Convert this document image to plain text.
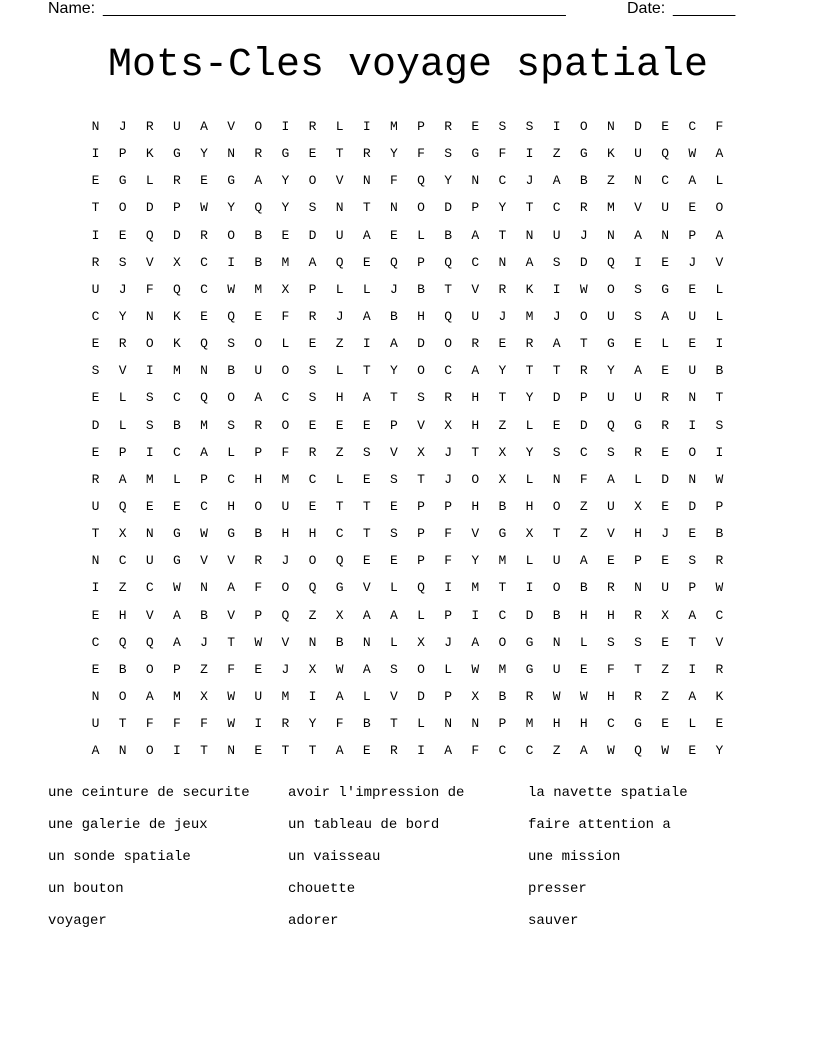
Name: ____________________________________________________	Date: _______
Mots-Cles voyage spatiale
N	J	R	U	A	V	O	I	R	L	I	M	P	R	E	S	S	I	O	N	D	E	C	F
I	P	K	G	Y	N	R	G	E	T	R	Y	F	S	G	F	I	Z	G	K	U	Q	W	A
E	G	L	R	E	G	A	Y	O	V	N	F	Q	Y	N	C	J	A	B	Z	N	C	A	L
T	O	D	P	W	Y	Q	Y	S	N	T	N	O	D	P	Y	T	C	R	M	V	U	E	O
I	E	Q	D	R	O	B	E	D	U	A	E	L	B	A	T	N	U	J	N	A	N	P	A
R	S	V	X	C	I	B	M	A	Q	E	Q	P	Q	C	N	A	S	D	Q	I	E	J	V
U	J	F	Q	C	W	M	X	P	L	L	J	B	T	V	R	K	I	W	O	S	G	E	L
C	Y	N	K	E	Q	E	F	R	J	A	B	H	Q	U	J	M	J	O	U	S	A	U	L
E	R	O	K	Q	S	O	L	E	Z	I	A	D	O	R	E	R	A	T	G	E	L	E	I
S	V	I	M	N	B	U	O	S	L	T	Y	O	C	A	Y	T	T	R	Y	A	E	U	B
E	L	S	C	Q	O	A	C	S	H	A	T	S	R	H	T	Y	D	P	U	U	R	N	T
D	L	S	B	M	S	R	O	E	E	E	P	V	X	H	Z	L	E	D	Q	G	R	I	S
E	P	I	C	A	L	P	F	R	Z	S	V	X	J	T	X	Y	S	C	S	R	E	O	I
R	A	M	L	P	C	H	M	C	L	E	S	T	J	O	X	L	N	F	A	L	D	N	W
U	Q	E	E	C	H	O	U	E	T	T	E	P	P	H	B	H	O	Z	U	X	E	D	P
T	X	N	G	W	G	B	H	H	C	T	S	P	F	V	G	X	T	Z	V	H	J	E	B
N	C	U	G	V	V	R	J	O	Q	E	E	P	F	Y	M	L	U	A	E	P	E	S	R
I	Z	C	W	N	A	F	O	Q	G	V	L	Q	I	M	T	I	O	B	R	N	U	P	W
E	H	V	A	B	V	P	Q	Z	X	A	A	L	P	I	C	D	B	H	H	R	X	A	C
C	Q	Q	A	J	T	W	V	N	B	N	L	X	J	A	O	G	N	L	S	S	E	T	V
E	B	O	P	Z	F	E	J	X	W	A	S	O	L	W	M	G	U	E	F	T	Z	I	R
N	O	A	M	X	W	U	M	I	A	L	V	D	P	X	B	R	W	W	H	R	Z	A	K
U	T	F	F	F	W	I	R	Y	F	B	T	L	N	N	P	M	H	H	C	G	E	L	E
A	N	O	I	T	N	E	T	T	A	E	R	I	A	F	C	C	Z	A	W	Q	W	E	Y
une ceinture de securite	avoir l'impression de	la navette spatiale
une galerie de jeux	un tableau de bord	faire attention a
un sonde spatiale	un vaisseau	une mission
un bouton	chouette	presser
voyager	adorer	sauver
